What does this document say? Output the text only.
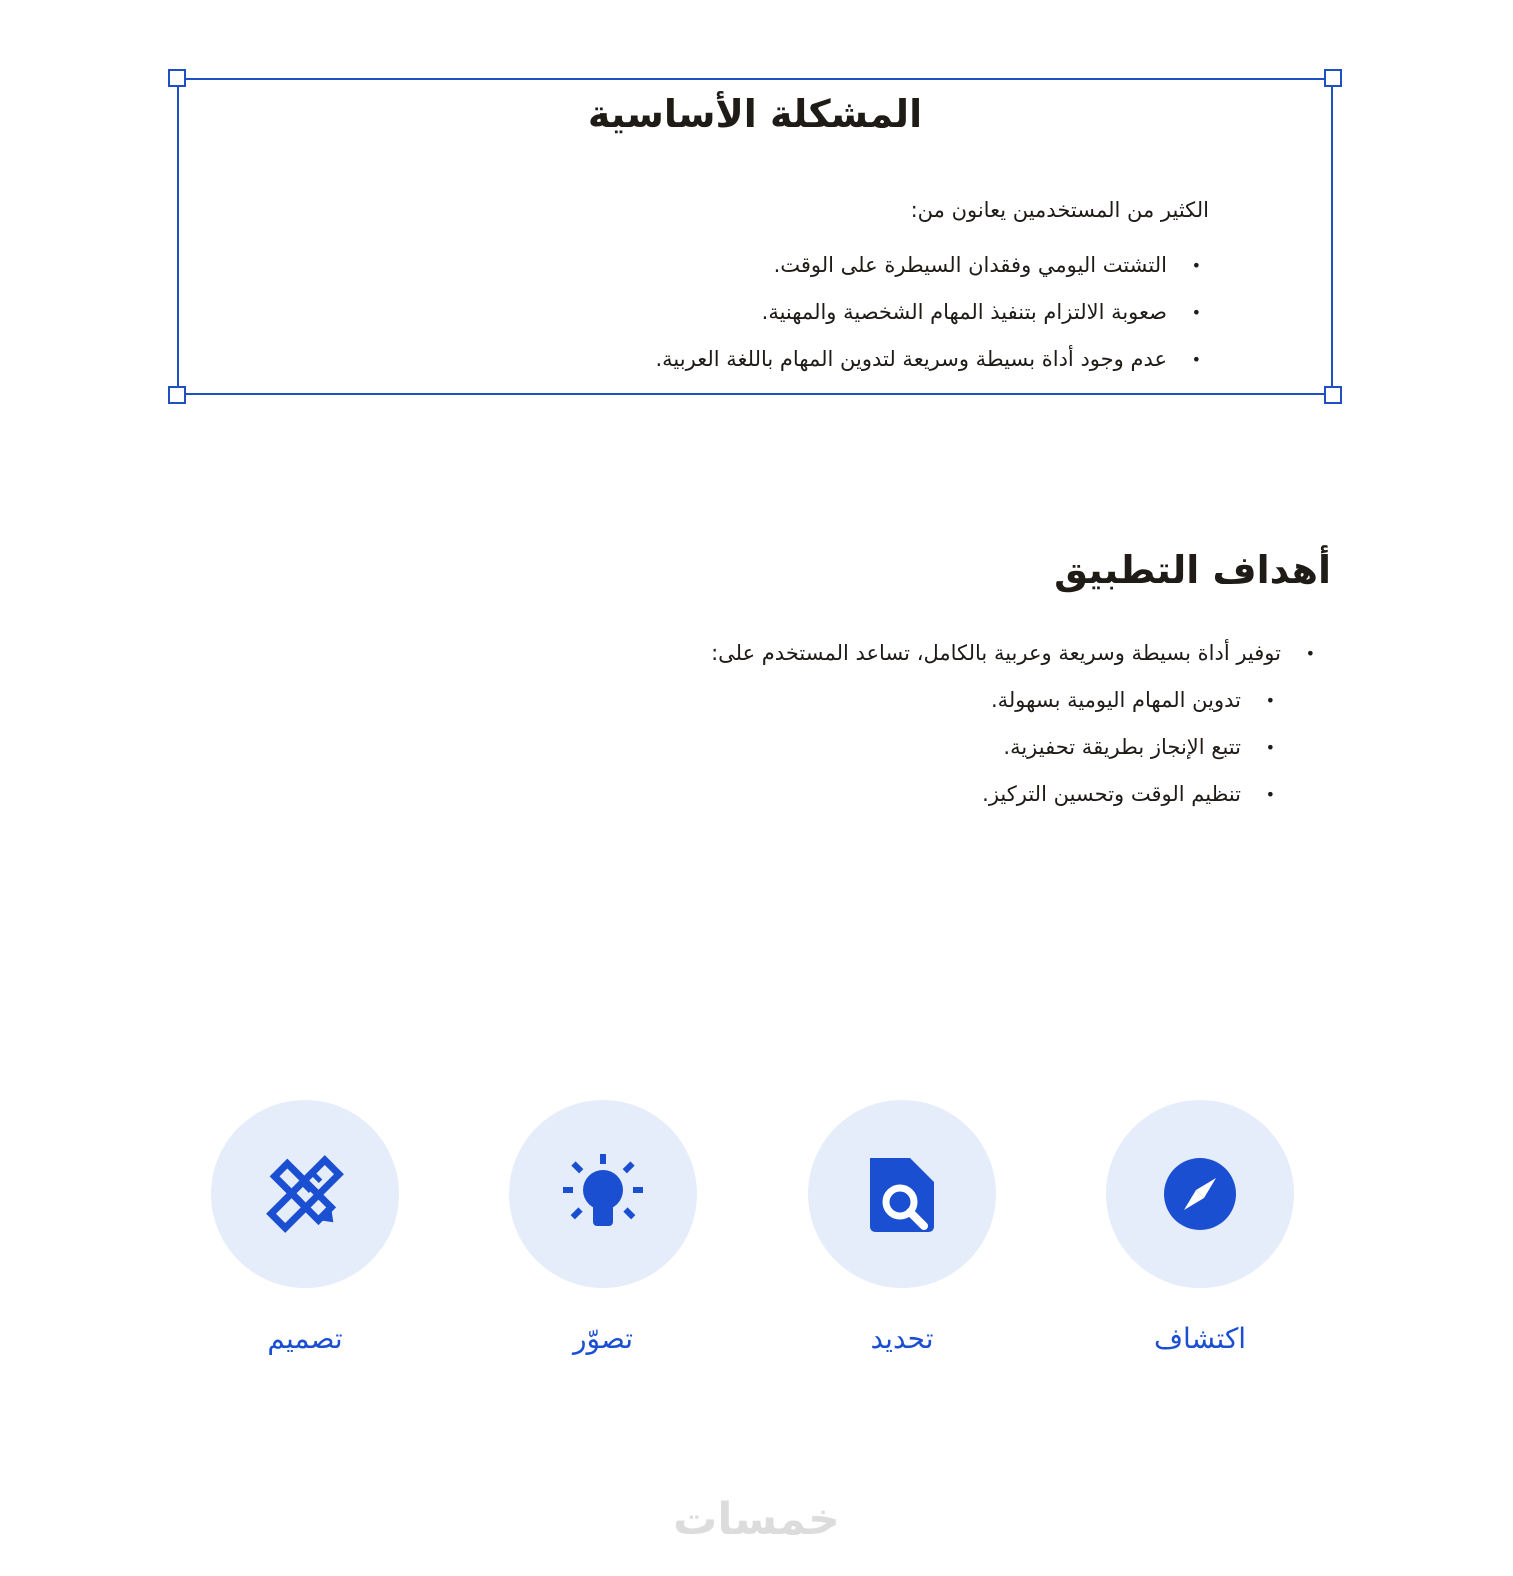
المشكلة الأساسية

الكثير من المستخدمين يعانون من:

• التشتت اليومي وفقدان السيطرة على الوقت.
• صعوبة الالتزام بتنفيذ المهام الشخصية والمهنية.
• عدم وجود أداة بسيطة وسريعة لتدوين المهام باللغة العربية.
أهداف التطبيق
• توفير أداة بسيطة وسريعة وعربية بالكامل، تساعد المستخدم على:
• تدوين المهام اليومية بسهولة.
• تتبع الإنجاز بطريقة تحفيزية.
• تنظيم الوقت وتحسين التركيز.
اكتشاف
تحديد
تصوّر
تصميم
خمسات
